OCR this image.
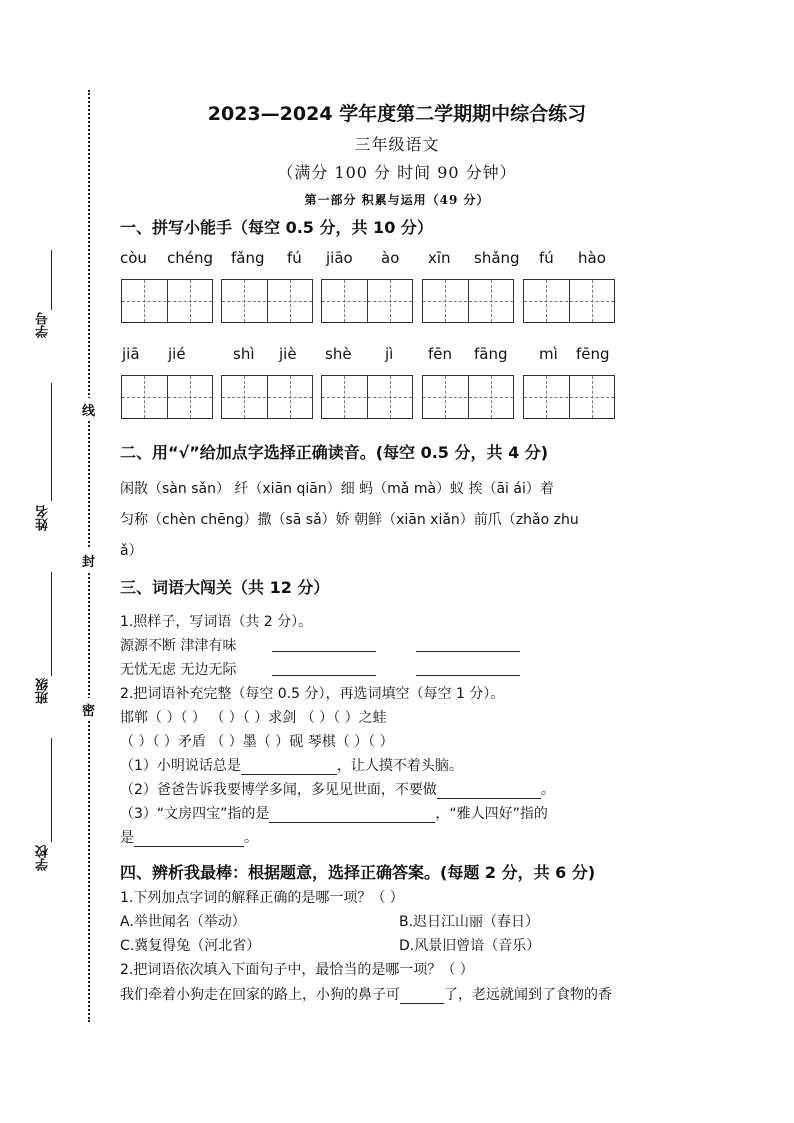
学号
姓名
班级
学校
线
封
密
2023—2024 学年度第二学期期中综合练习
三年级语文
（满分 100 分 时间 90 分钟）
第一部分 积累与运用（49 分）
一、拼写小能手（每空 0.5 分，共 10 分）
còu chéng fǎng fú jiāo ào xīn shǎng fú hào
jiā jié	shì jiè shè jì fēn fāng mì fēng
二、用“√”给加点字选择正确读音。(每空 0.5 分，共 4 分)
闲散（sàn sǎn） 纤（xiān qiān）细 蚂（mǎ mà）蚁 挨（āi ái）着
匀称（chèn chēng）撒（sā sǎ）娇 朝鲜（xiān xiǎn）前爪（zhǎo zhu
ǎ）
三、词语大闯关（共 12 分）
1.照样子，写词语（共 2 分）。
源源不断 津津有味
无忧无虑 无边无际
2.把词语补充完整（每空 0.5 分），再选词填空（每空 1 分）。
邯郸（ ）（ ） （ ）（ ）求剑 （ ）（ ）之蛙
（ ）（ ）矛盾 （ ）墨（ ）砚 琴棋（ ）（ ）
（1）小明说话总是	，让人摸不着头脑。
（2）爸爸告诉我要博学多闻，多见见世面，不要做	。
（3）“文房四宝”指的是	，“雅人四好”指的
是	。
四、辨析我最棒：根据题意，选择正确答案。(每题 2 分，共 6 分)
1.下列加点字词的解释正确的是哪一项？（ ）
A.举世闻名（举动）	B.迟日江山丽（春日）
C.冀复得兔（河北省）	D.风景旧曾谙（音乐）
2.把词语依次填入下面句子中，最恰当的是哪一项？（ ）
我们牵着小狗走在回家的路上，小狗的鼻子可	了，老远就闻到了食物的香
